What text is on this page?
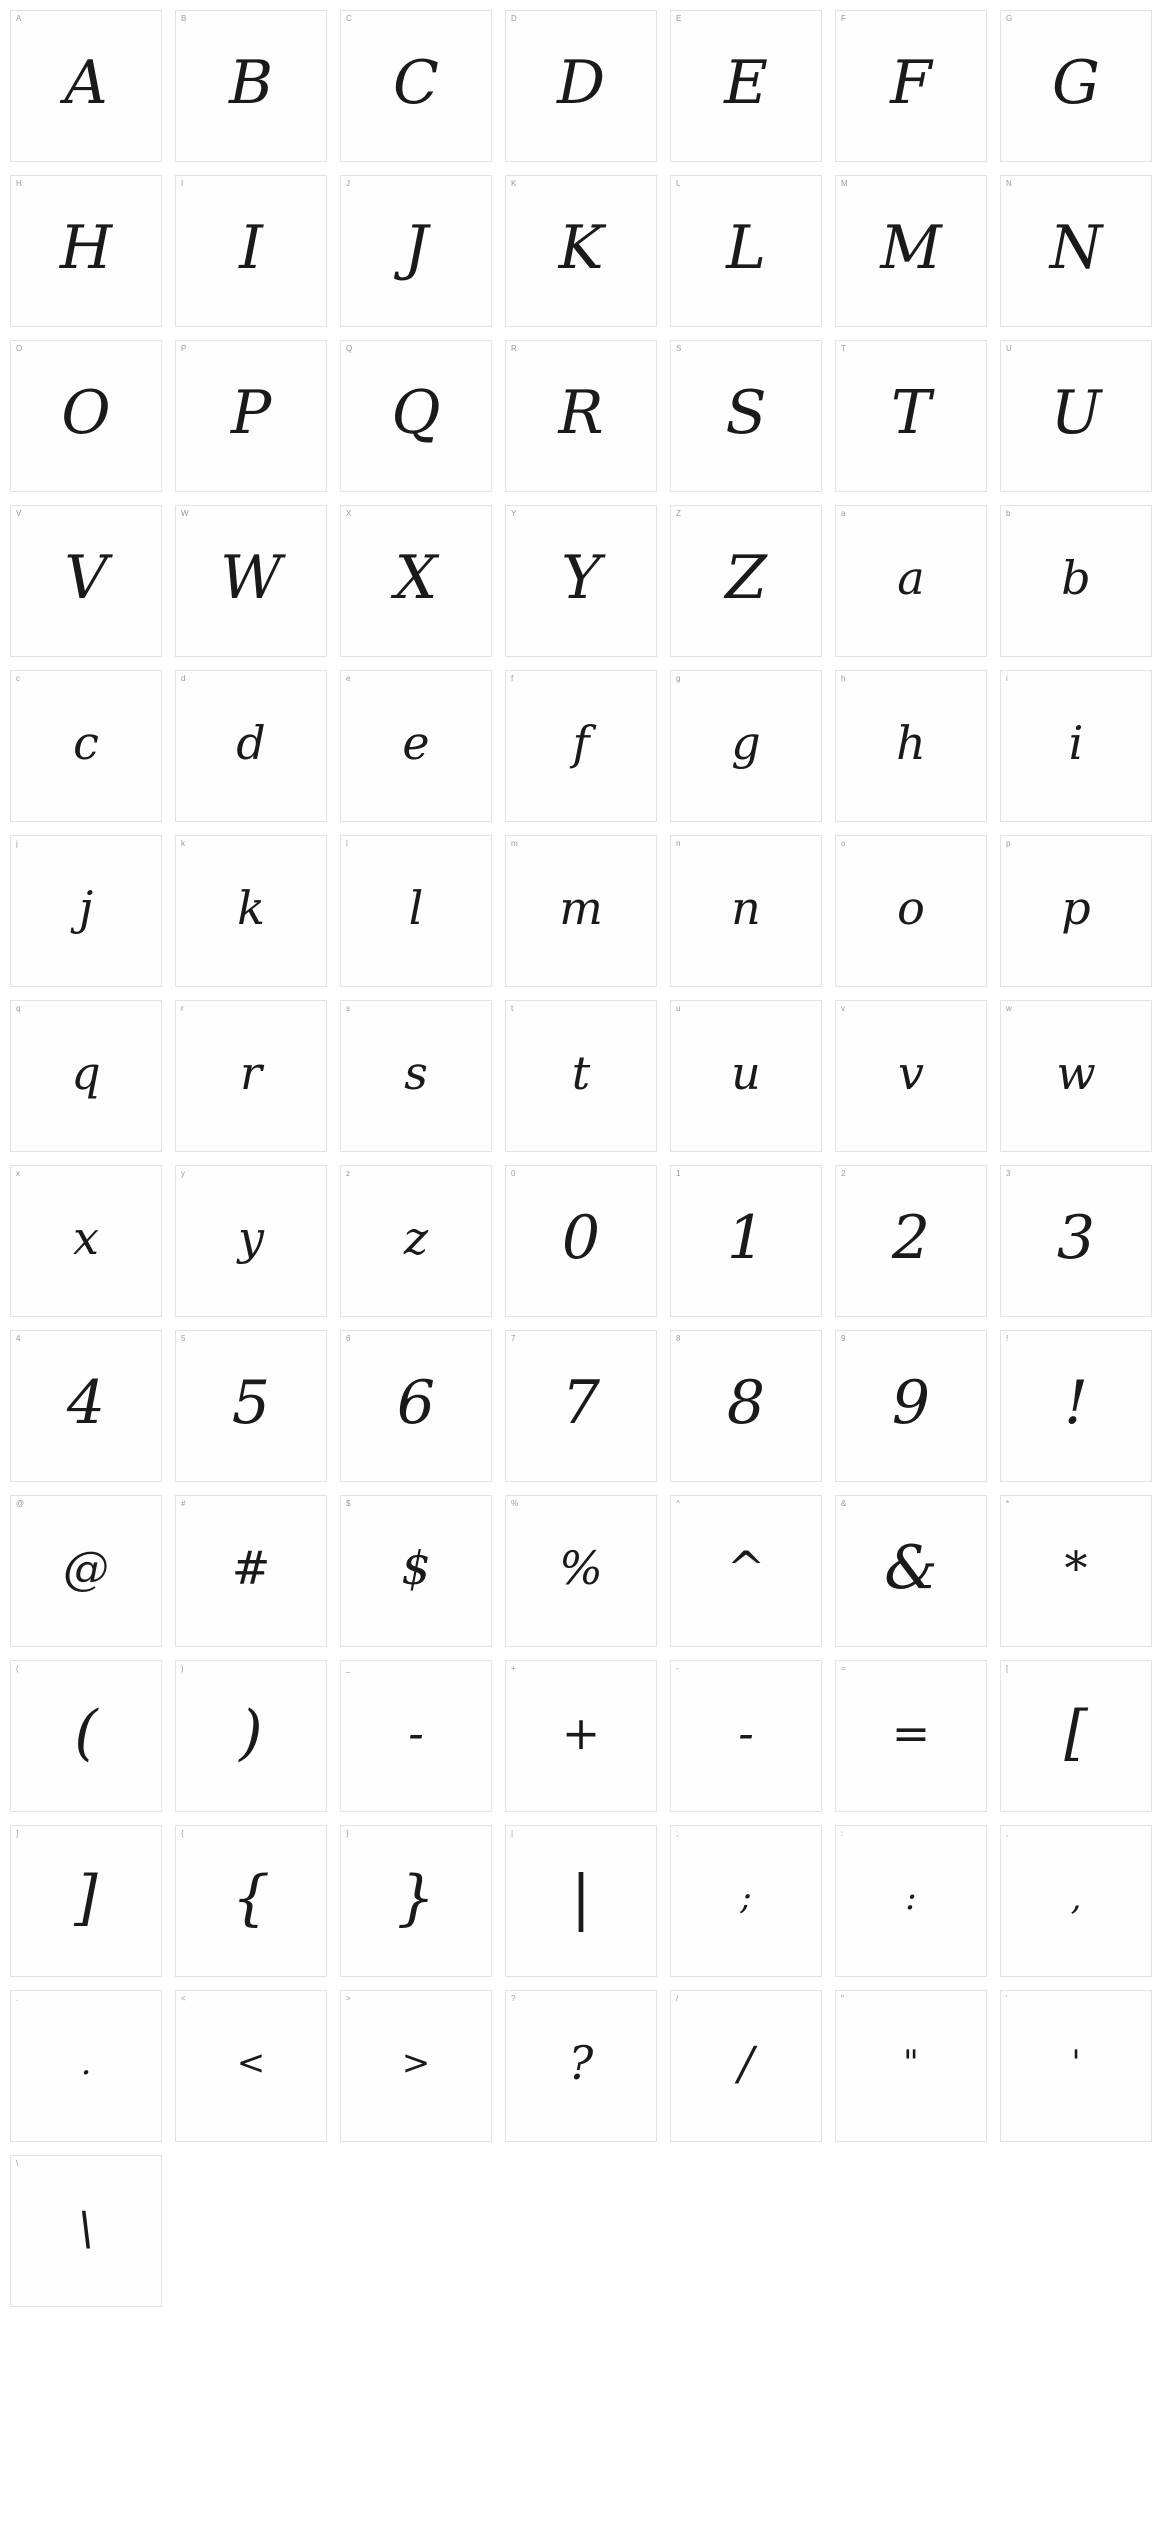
A
A
B
B
C
C
D
D
E
E
F
F
G
G
H
H
I
I
J
J
K
K
L
L
M
M
N
N
O
O
P
P
Q
Q
R
R
S
S
T
T
U
U
V
V
W
W
X
X
Y
Y
Z
Z
a
a
b
b
c
c
d
d
e
e
f
f
g
g
h
h
i
i
j
j
k
k
l
l
m
m
n
n
o
o
p
p
q
q
r
r
s
s
t
t
u
u
v
v
w
w
x
x
y
y
z
z
0
0
1
1
2
2
3
3
4
4
5
5
6
6
7
7
8
8
9
9
!
!
@
@
#
#
$
$
%
%
^
^
&
&
*
*
(
(
)
)
_
-
+
+
-
-
=
=
[
[
]
]
{
{
}
}
|
|
;
;
:
:
,
,
.
.
<
<
>
>
?
?
/
/
"
"
'
'
\
\
